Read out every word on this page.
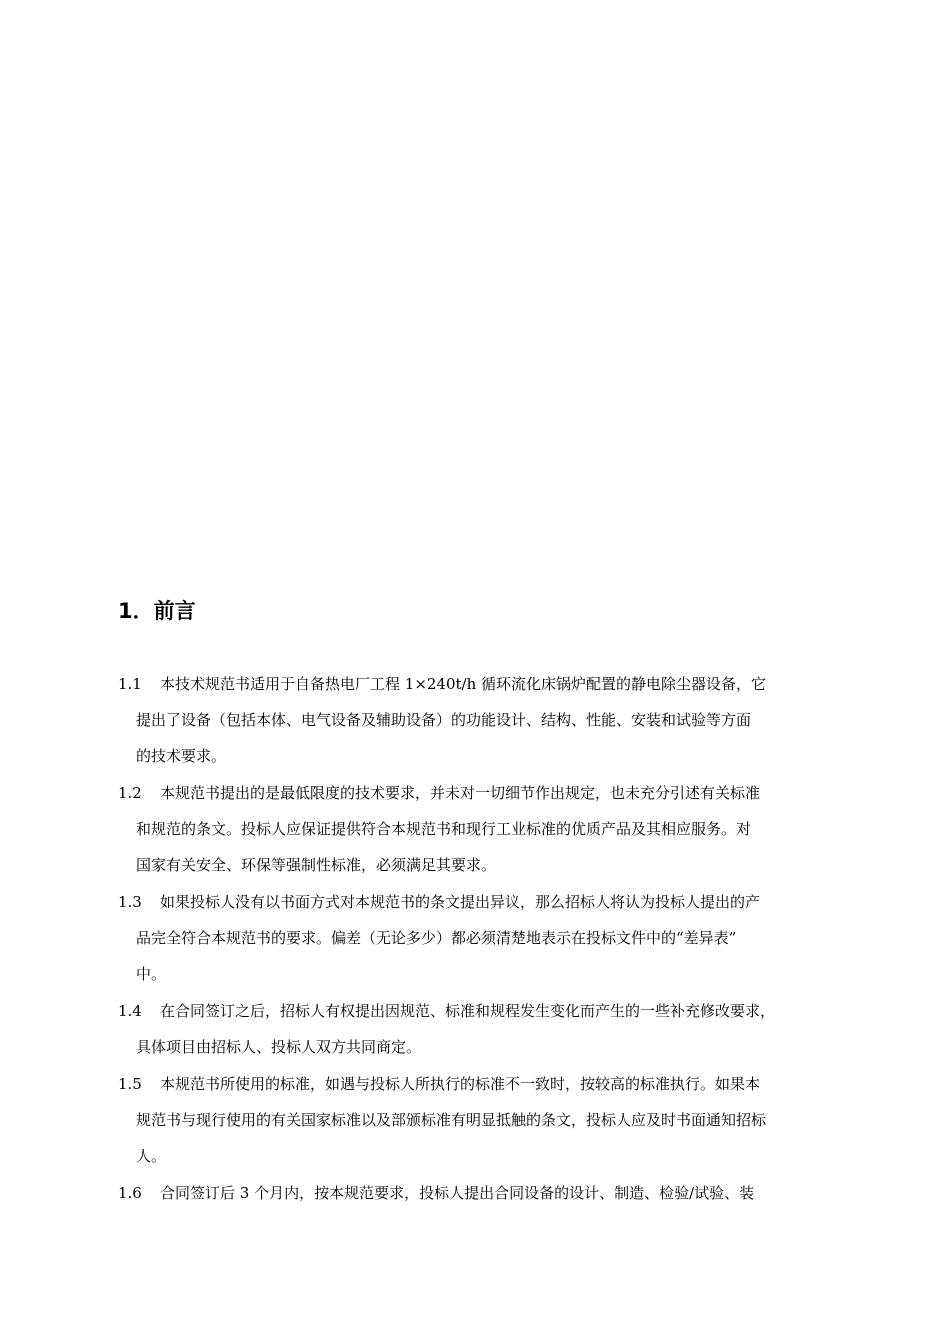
1．前言
1.1 本技术规范书适用于自备热电厂工程 1×240t/h 循环流化床锅炉配置的静电除尘器设备，它
提出了设备（包括本体、电气设备及辅助设备）的功能设计、结构、性能、安装和试验等方面
的技术要求。
1.2 本规范书提出的是最低限度的技术要求，并未对一切细节作出规定，也未充分引述有关标准
和规范的条文。投标人应保证提供符合本规范书和现行工业标准的优质产品及其相应服务。对
国家有关安全、环保等强制性标准，必须满足其要求。
1.3 如果投标人没有以书面方式对本规范书的条文提出异议，那么招标人将认为投标人提出的产
品完全符合本规范书的要求。偏差（无论多少）都必须清楚地表示在投标文件中的“差异表”
中。
1.4 在合同签订之后，招标人有权提出因规范、标准和规程发生变化而产生的一些补充修改要求，
具体项目由招标人、投标人双方共同商定。
1.5 本规范书所使用的标准，如遇与投标人所执行的标准不一致时，按较高的标准执行。如果本
规范书与现行使用的有关国家标准以及部颁标准有明显抵触的条文，投标人应及时书面通知招标
人。
1.6 合同签订后 3 个月内，按本规范要求，投标人提出合同设备的设计、制造、检验/试验、装
